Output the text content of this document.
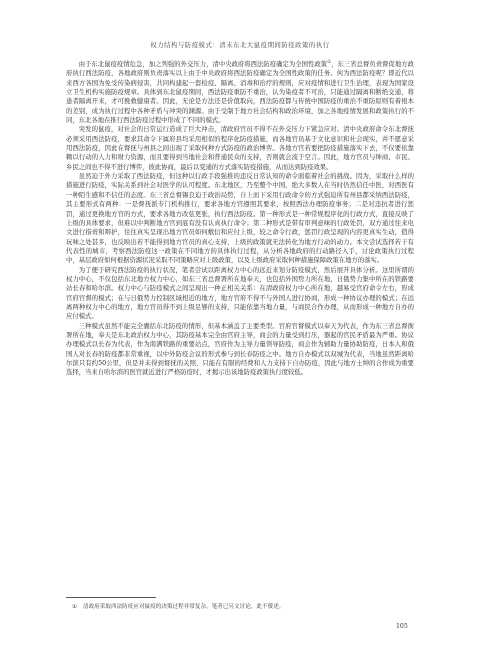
权力结构与防疫模式：清末东北大鼠疫期间防疫政策的执行

由于东北鼠疫疫情危急，加之列强的外交压力，清中央政府将西法防疫确定为全国性政策①，东三省总督负责督促地方政府执行西法防疫，各地政府则负责落实以上由于中央政府将西法防疫确定为全国性政策的任务。何为西法防疫呢？即近代以来西方各国为免受传染病侵害，共同构建起一套检疫、隔离、消毒和治疗的规则，应对疫情和进行卫生治理，表现为国家设立卫生机构实施防疫规章。具体到东北鼠疫期间，西法防疫重防不重治，认为染疫者不可治，只能通过隔离和断绝交通，将患者隔离开来，才可挽救健康者。因此，无论是方法还是价值取向，西法防疫都与传统中国防疫的重治不重防原则有着根本的差别，成为执行过程中各种矛盾与冲突的渊源。由于受制于地方社会结构和政治环境，加之各地疫情发展和政策执行的不同，东北各地在推行西法防疫过程中形成了不同的模式。

突发的鼠疫，对社会的日常运行造成了巨大冲击，清政府官员不得不在外交压力下紧急应对。清中央政府命令东北督抚必须采用西法防疫，要求其命令下属府县均采用相似的程序化防疫措施，而各地官员基于文化意识和社会现实，并不愿意采用西法防疫，因此在督抚与州县之间出现了采取何种方式防疫的政治博弈。各地方官若要把防疫措施落实下去，不仅要依靠赖以行动的人力和财力资源，而且要得到当地社会和普通民众的支持，否则就会流于空言。因此，地方官员与绅商、市民、乡民之间也不得不进行博弈，彼此协商，最后以变通的方式落实防疫措施，从而达到防疫效果。

虽然迫于外力采取了西法防疫，但这种以行政手段强推的违反日常认知的命令面临着社会的挑战。因为，采取什么样的措施进行防疫，实际关系到社会对医学的认可程度。东北地区，乃至整个中国，绝大多数人在当时仍然信任中医，对西医有一种陌生感和不信任的态度。东三省总督锡良迫于政治局势，自上而下采用行政命令的方式强迫所有州县都采纳西法防疫，其主要形式有两种：一是督抚派专门机构推行，要求各地方官遵照其要求，按照西法办理防疫事务；二是对违抗者进行惩罚，通过更换地方官的方式，要求各地方改弦更张，执行西法防疫。第一种形式是一种常规程序化的行政方式，直接反映了上级的具体要求，但难以中判断地方官到底有没有认真执行命令；第二种形式是带有审判意味的行政处罚，双方通过往来电文进行指责和辩护，往往真实呈现出地方官员如何敷衍和应付上级，较之命令行政，惩罚行政呈现的内容更真实生动，值得玩味之处甚多，也反映出若不能得到地方官员的真心支持，上级的政策就无法转化为地方行动的动力。本文尝试选择若干有代表性的城市，考察西法防疫这一政策在不同地方的具体执行过程，从分析各地政府的行动路径入手，讨论政策执行过程中，基层政府如何根据资源状况采取不同策略应对上级政策，以及上级政府采取何种措施保障政策在地方的落实。

为了便于研究西法防疫的执行状况，笔者尝试以距离权力中心的远近来划分防疫模式，然后展开具体分析。这里所谓的权力中心，不仅包括东北地方权力中心，如东三省总督署所在地奉天，也包括外国势力所在地，日俄势力集中所在的铁路要站长春和哈尔滨。权力中心与防疫模式之间呈现出一种正相关关系：在清政府权力中心所在地，越易受官府命令左右，形成官府官督的模式；在与日俄势力控制区域相近的地方，地方官府不得不与外国人进行协商，形成一种协议办理的模式；在远离两种权力中心的地方，地方官员得不到上级足够的支持，只能依靠当地力量，与商民合作办理，从而形成一种地方自办的应付模式。

三种模式虽然不能完全囊括东北防疫的情形，但基本涵盖了主要类型。官府官督模式以奉天为代表，作为东三省总督衙署所在地，奉天是东北政治权力中心，其防疫基本完全由官府主导，商会的力量受到打压，器起的官民矛盾最为严重。协议办理模式以长春为代表，作为南满铁路的重要站点，官府作为主导力量领导防疫，商会作为辅助力量协助防疫，日本人和俄国人对长春的防疫都非常重视，以中外防疫会议的形式参与到长春防疫之中。地方自办模式以双城为代表，当地虽然距离哈尔滨只有约50公里，但是并未得到督抚的关照，只能在有限的经费和人力支持下自办防疫，因此与地方士绅的合作成为重要选择，当来自哈尔滨的医官就近进行严格防疫时，才揭示出该地防疫政策执行度较低。

① 清政府采取西法防疫应对鼠疫的决策过程非常复杂，笔者已另文讨论，此不赘述。
105
